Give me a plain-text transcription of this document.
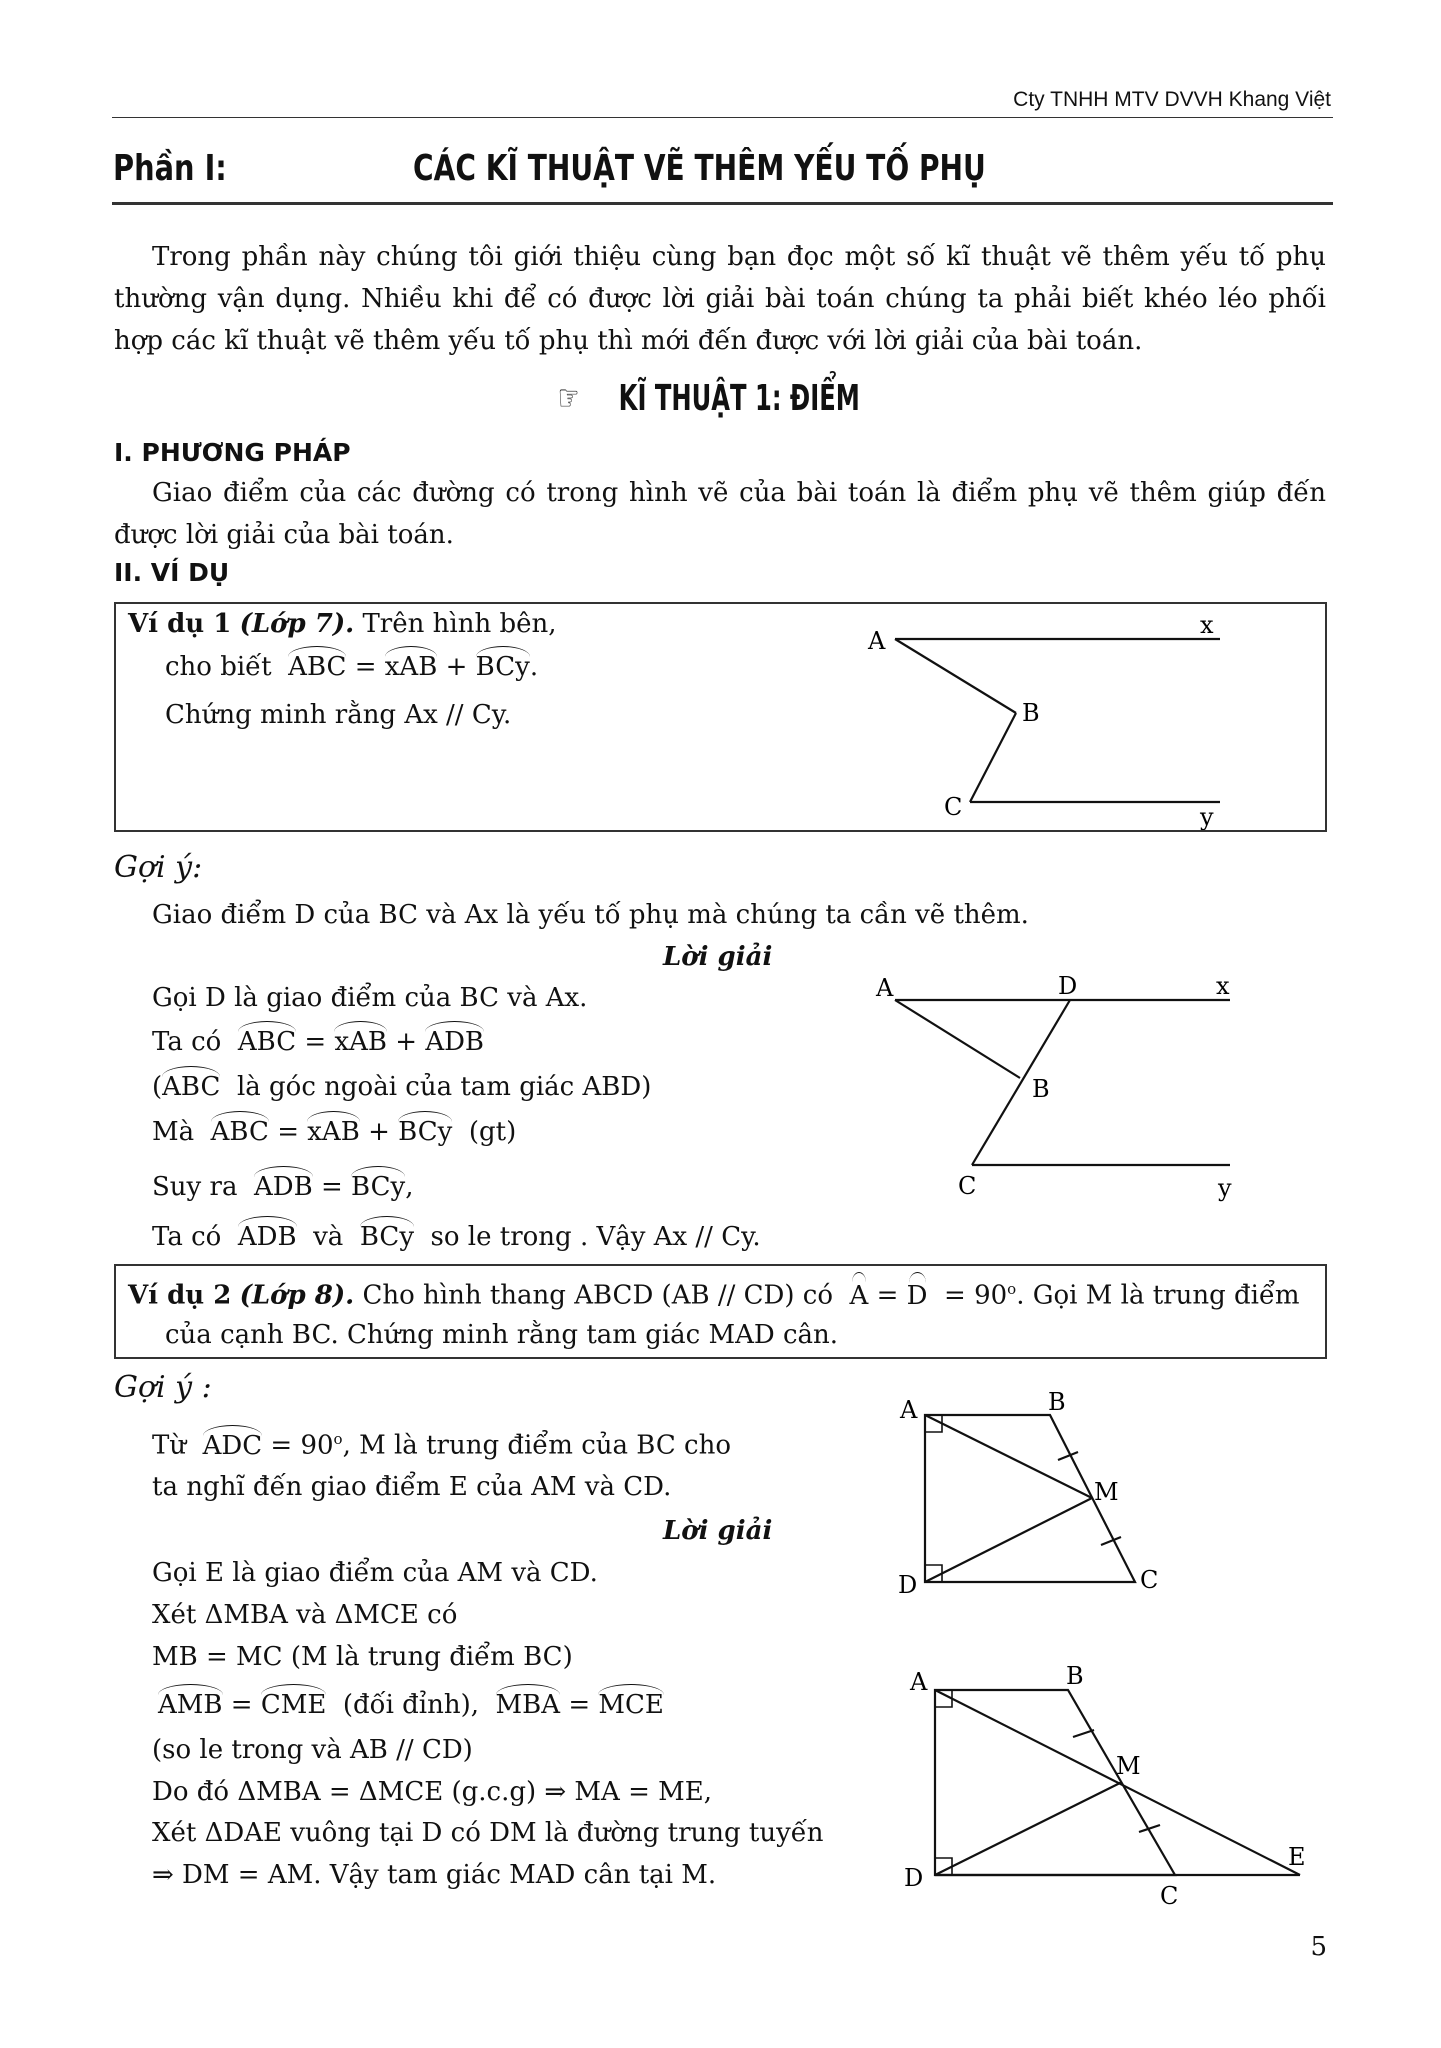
Cty TNHH MTV DVVH Khang Việt
Phần I:	CÁC KĨ THUẬT VẼ THÊM YẾU TỐ PHỤ
Trong phần này chúng tôi giới thiệu cùng bạn đọc một số kĩ thuật vẽ thêm yếu tố phụ thường vận dụng. Nhiều khi để có được lời giải bài toán chúng ta phải biết khéo léo phối hợp các kĩ thuật vẽ thêm yếu tố phụ thì mới đến được với lời giải của bài toán.
☞ KĨ THUẬT 1: ĐIỂM
I. PHƯƠNG PHÁP
Giao điểm của các đường có trong hình vẽ của bài toán là điểm phụ vẽ thêm giúp đến được lời giải của bài toán.
II. VÍ DỤ
Ví dụ 1 (Lớp 7). Trên hình bên,
cho biết ABC = xAB + BCy.
Chứng minh rằng Ax // Cy.
A
x
B
C	y
Gợi ý:
Giao điểm D của BC và Ax là yếu tố phụ mà chúng ta cần vẽ thêm.
Lời giải
Gọi D là giao điểm của BC và Ax.
Ta có ABC = xAB + ADB
(ABC là góc ngoài của tam giác ABD)
Mà ABC = xAB + BCy (gt)
Suy ra ADB = BCy,
Ta có ADB và BCy so le trong . Vậy Ax // Cy.
A	D	x
B
C	y
Ví dụ 2 (Lớp 8). Cho hình thang ABCD (AB // CD) có $A = D = 90^o$. Gọi M là trung điểm
của cạnh BC. Chứng minh rằng tam giác MAD cân.
Gợi ý :
Từ ADC = $90^o$, M là trung điểm của BC cho
ta nghĩ đến giao điểm E của AM và CD.
Lời giải
Gọi E là giao điểm của AM và CD.
Xét ΔMBA và ΔMCE có
MB = MC (M là trung điểm BC)
AMB = CME (đối đỉnh), MBA = MCE
(so le trong và AB // CD)
Do đó ΔMBA = ΔMCE (g.c.g) ⇒ MA = ME,
Xét ΔDAE vuông tại D có DM là đường trung tuyến
⇒ DM = AM. Vậy tam giác MAD cân tại M.
A	B
M
D	C
A	B
M
D
C
E
5
